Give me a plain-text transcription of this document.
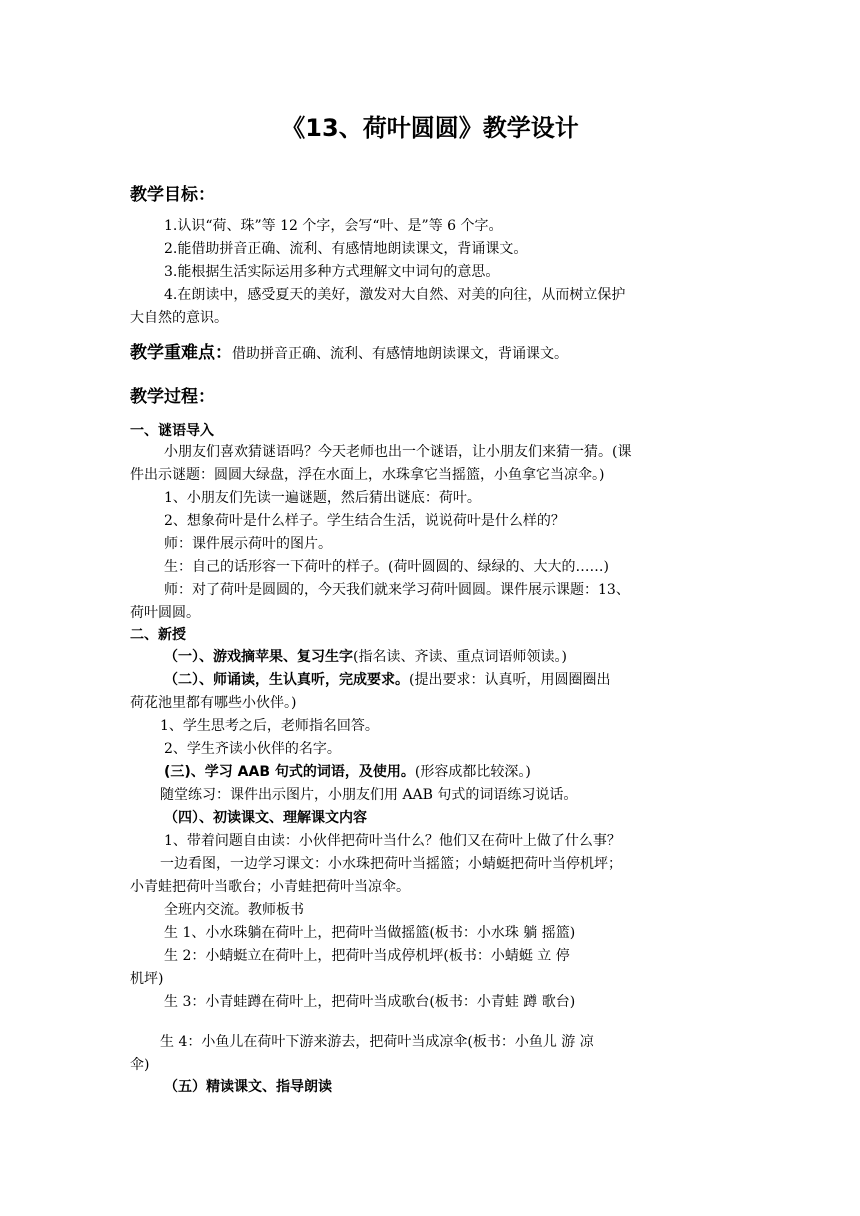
《13、荷叶圆圆》教学设计
教学目标：
1.认识“荷、珠”等 12 个字，会写“叶、是”等 6 个字。
2.能借助拼音正确、流利、有感情地朗读课文，背诵课文。
3.能根据生活实际运用多种方式理解文中词句的意思。
4.在朗读中，感受夏天的美好，激发对大自然、对美的向往，从而树立保护
大自然的意识。
教学重难点：借助拼音正确、流利、有感情地朗读课文，背诵课文。
教学过程：
一、谜语导入
小朋友们喜欢猜谜语吗？今天老师也出一个谜语，让小朋友们来猜一猜。(课
件出示谜题：圆圆大绿盘，浮在水面上，水珠拿它当摇篮，小鱼拿它当凉伞。)
1、小朋友们先读一遍谜题，然后猜出谜底：荷叶。
2、想象荷叶是什么样子。学生结合生活，说说荷叶是什么样的？
师：课件展示荷叶的图片。
生：自己的话形容一下荷叶的样子。(荷叶圆圆的、绿绿的、大大的……)
师：对了荷叶是圆圆的，今天我们就来学习荷叶圆圆。课件展示课题：13、
荷叶圆圆。
二、新授
（一）、游戏摘苹果、复习生字(指名读、齐读、重点词语师领读。)
（二）、师诵读，生认真听，完成要求。(提出要求：认真听，用圆圈圈出
荷花池里都有哪些小伙伴。)
1、学生思考之后，老师指名回答。
2、学生齐读小伙伴的名字。
(三)、学习 AAB 句式的词语，及使用。(形容成都比较深。)
随堂练习：课件出示图片，小朋友们用 AAB 句式的词语练习说话。
（四）、初读课文、理解课文内容
1、带着问题自由读：小伙伴把荷叶当什么？他们又在荷叶上做了什么事？
一边看图，一边学习课文：小水珠把荷叶当摇篮；小蜻蜓把荷叶当停机坪；
小青蛙把荷叶当歌台；小青蛙把荷叶当凉伞。
全班内交流。教师板书
生 1、小水珠躺在荷叶上，把荷叶当做摇篮(板书：小水珠 躺 摇篮)
生 2：小蜻蜓立在荷叶上，把荷叶当成停机坪(板书：小蜻蜓 立 停
机坪)
生 3：小青蛙蹲在荷叶上，把荷叶当成歌台(板书：小青蛙 蹲 歌台)
生 4：小鱼儿在荷叶下游来游去，把荷叶当成凉伞(板书：小鱼儿 游 凉
伞)
（五）精读课文、指导朗读
